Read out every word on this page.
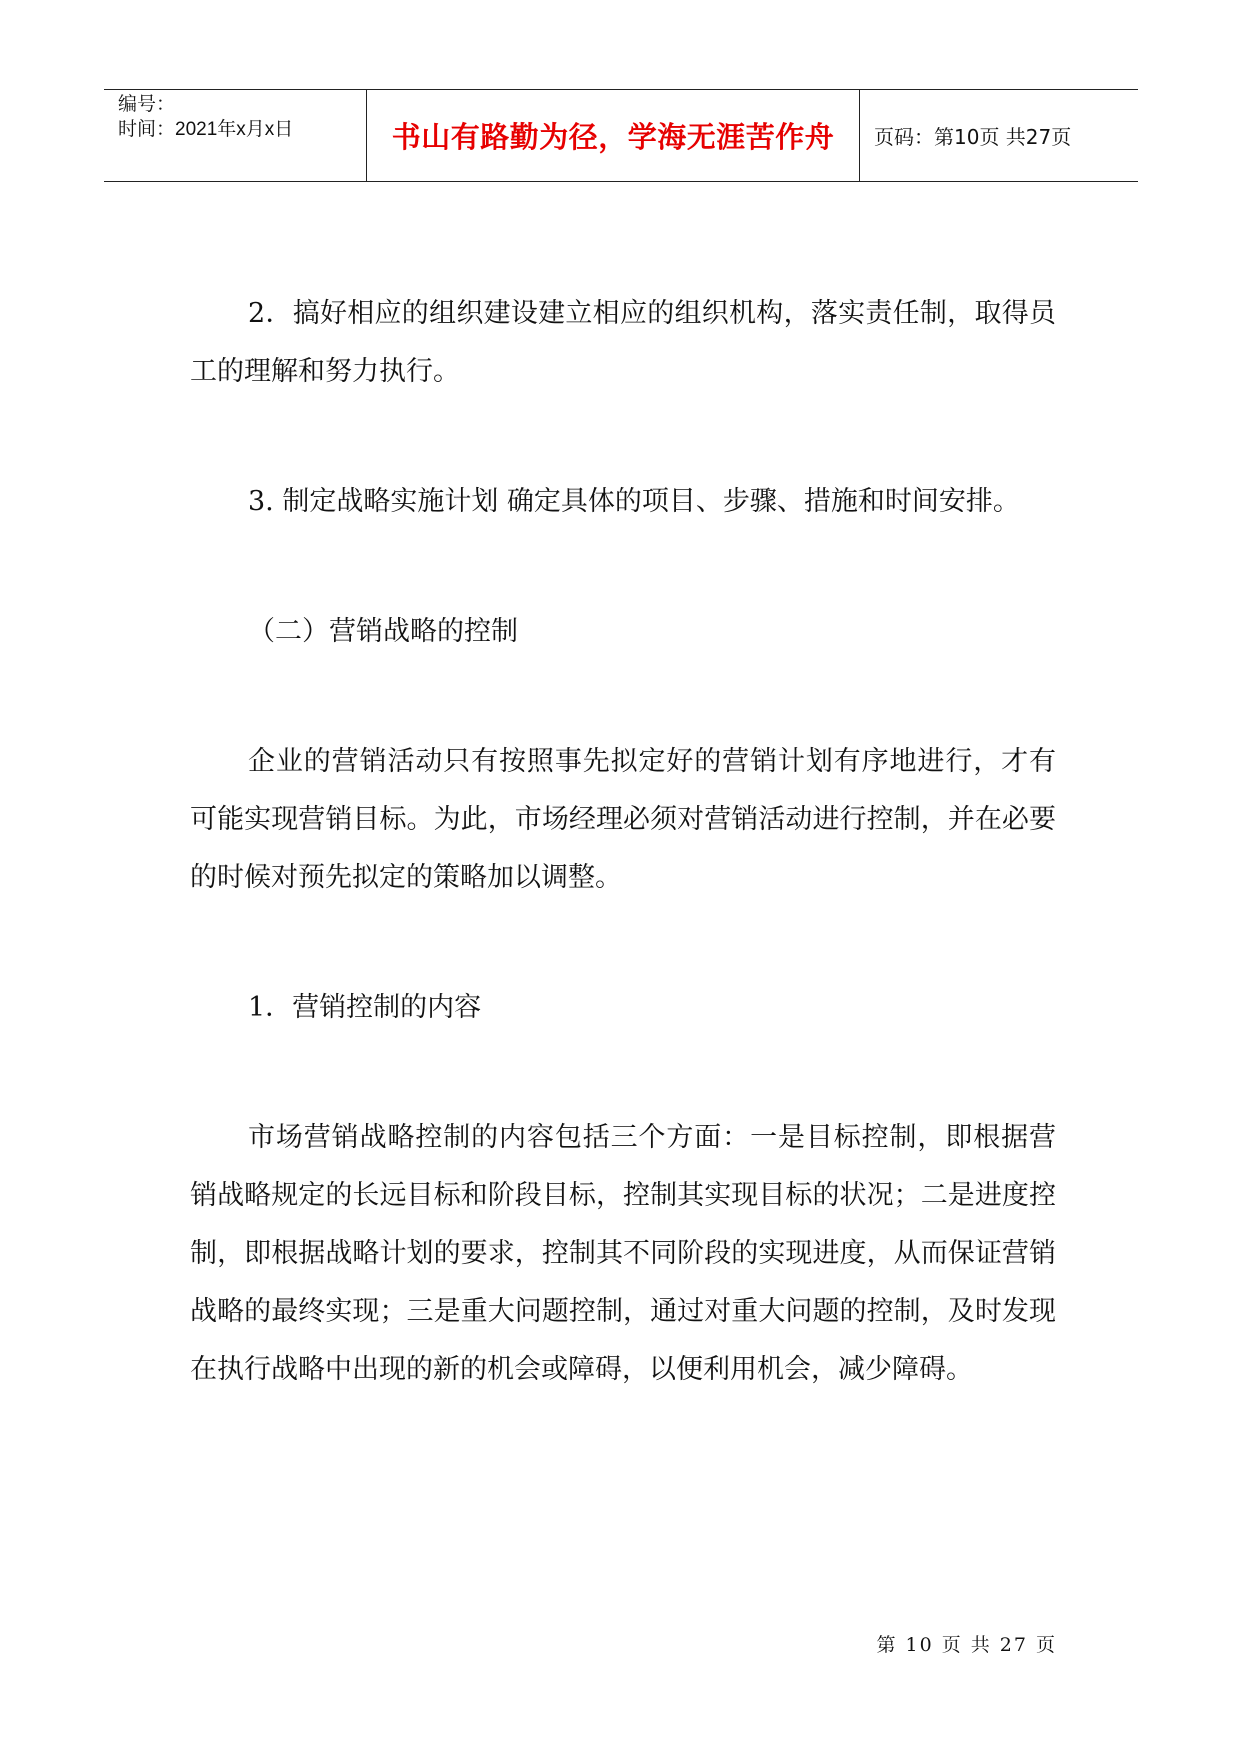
编号：
时间：2021年x月x日	书山有路勤为径，学海无涯苦作舟	页码：第10页 共27页

2．搞好相应的组织建设建立相应的组织机构，落实责任制，取得员工的理解和努力执行。

3. 制定战略实施计划 确定具体的项目、步骤、措施和时间安排。

（二）营销战略的控制

企业的营销活动只有按照事先拟定好的营销计划有序地进行，才有可能实现营销目标。为此，市场经理必须对营销活动进行控制，并在必要的时候对预先拟定的策略加以调整。

1．营销控制的内容

市场营销战略控制的内容包括三个方面：一是目标控制，即根据营销战略规定的长远目标和阶段目标，控制其实现目标的状况；二是进度控制，即根据战略计划的要求，控制其不同阶段的实现进度，从而保证营销战略的最终实现；三是重大问题控制，通过对重大问题的控制，及时发现在执行战略中出现的新的机会或障碍，以便利用机会，减少障碍。

第 10 页 共 27 页
